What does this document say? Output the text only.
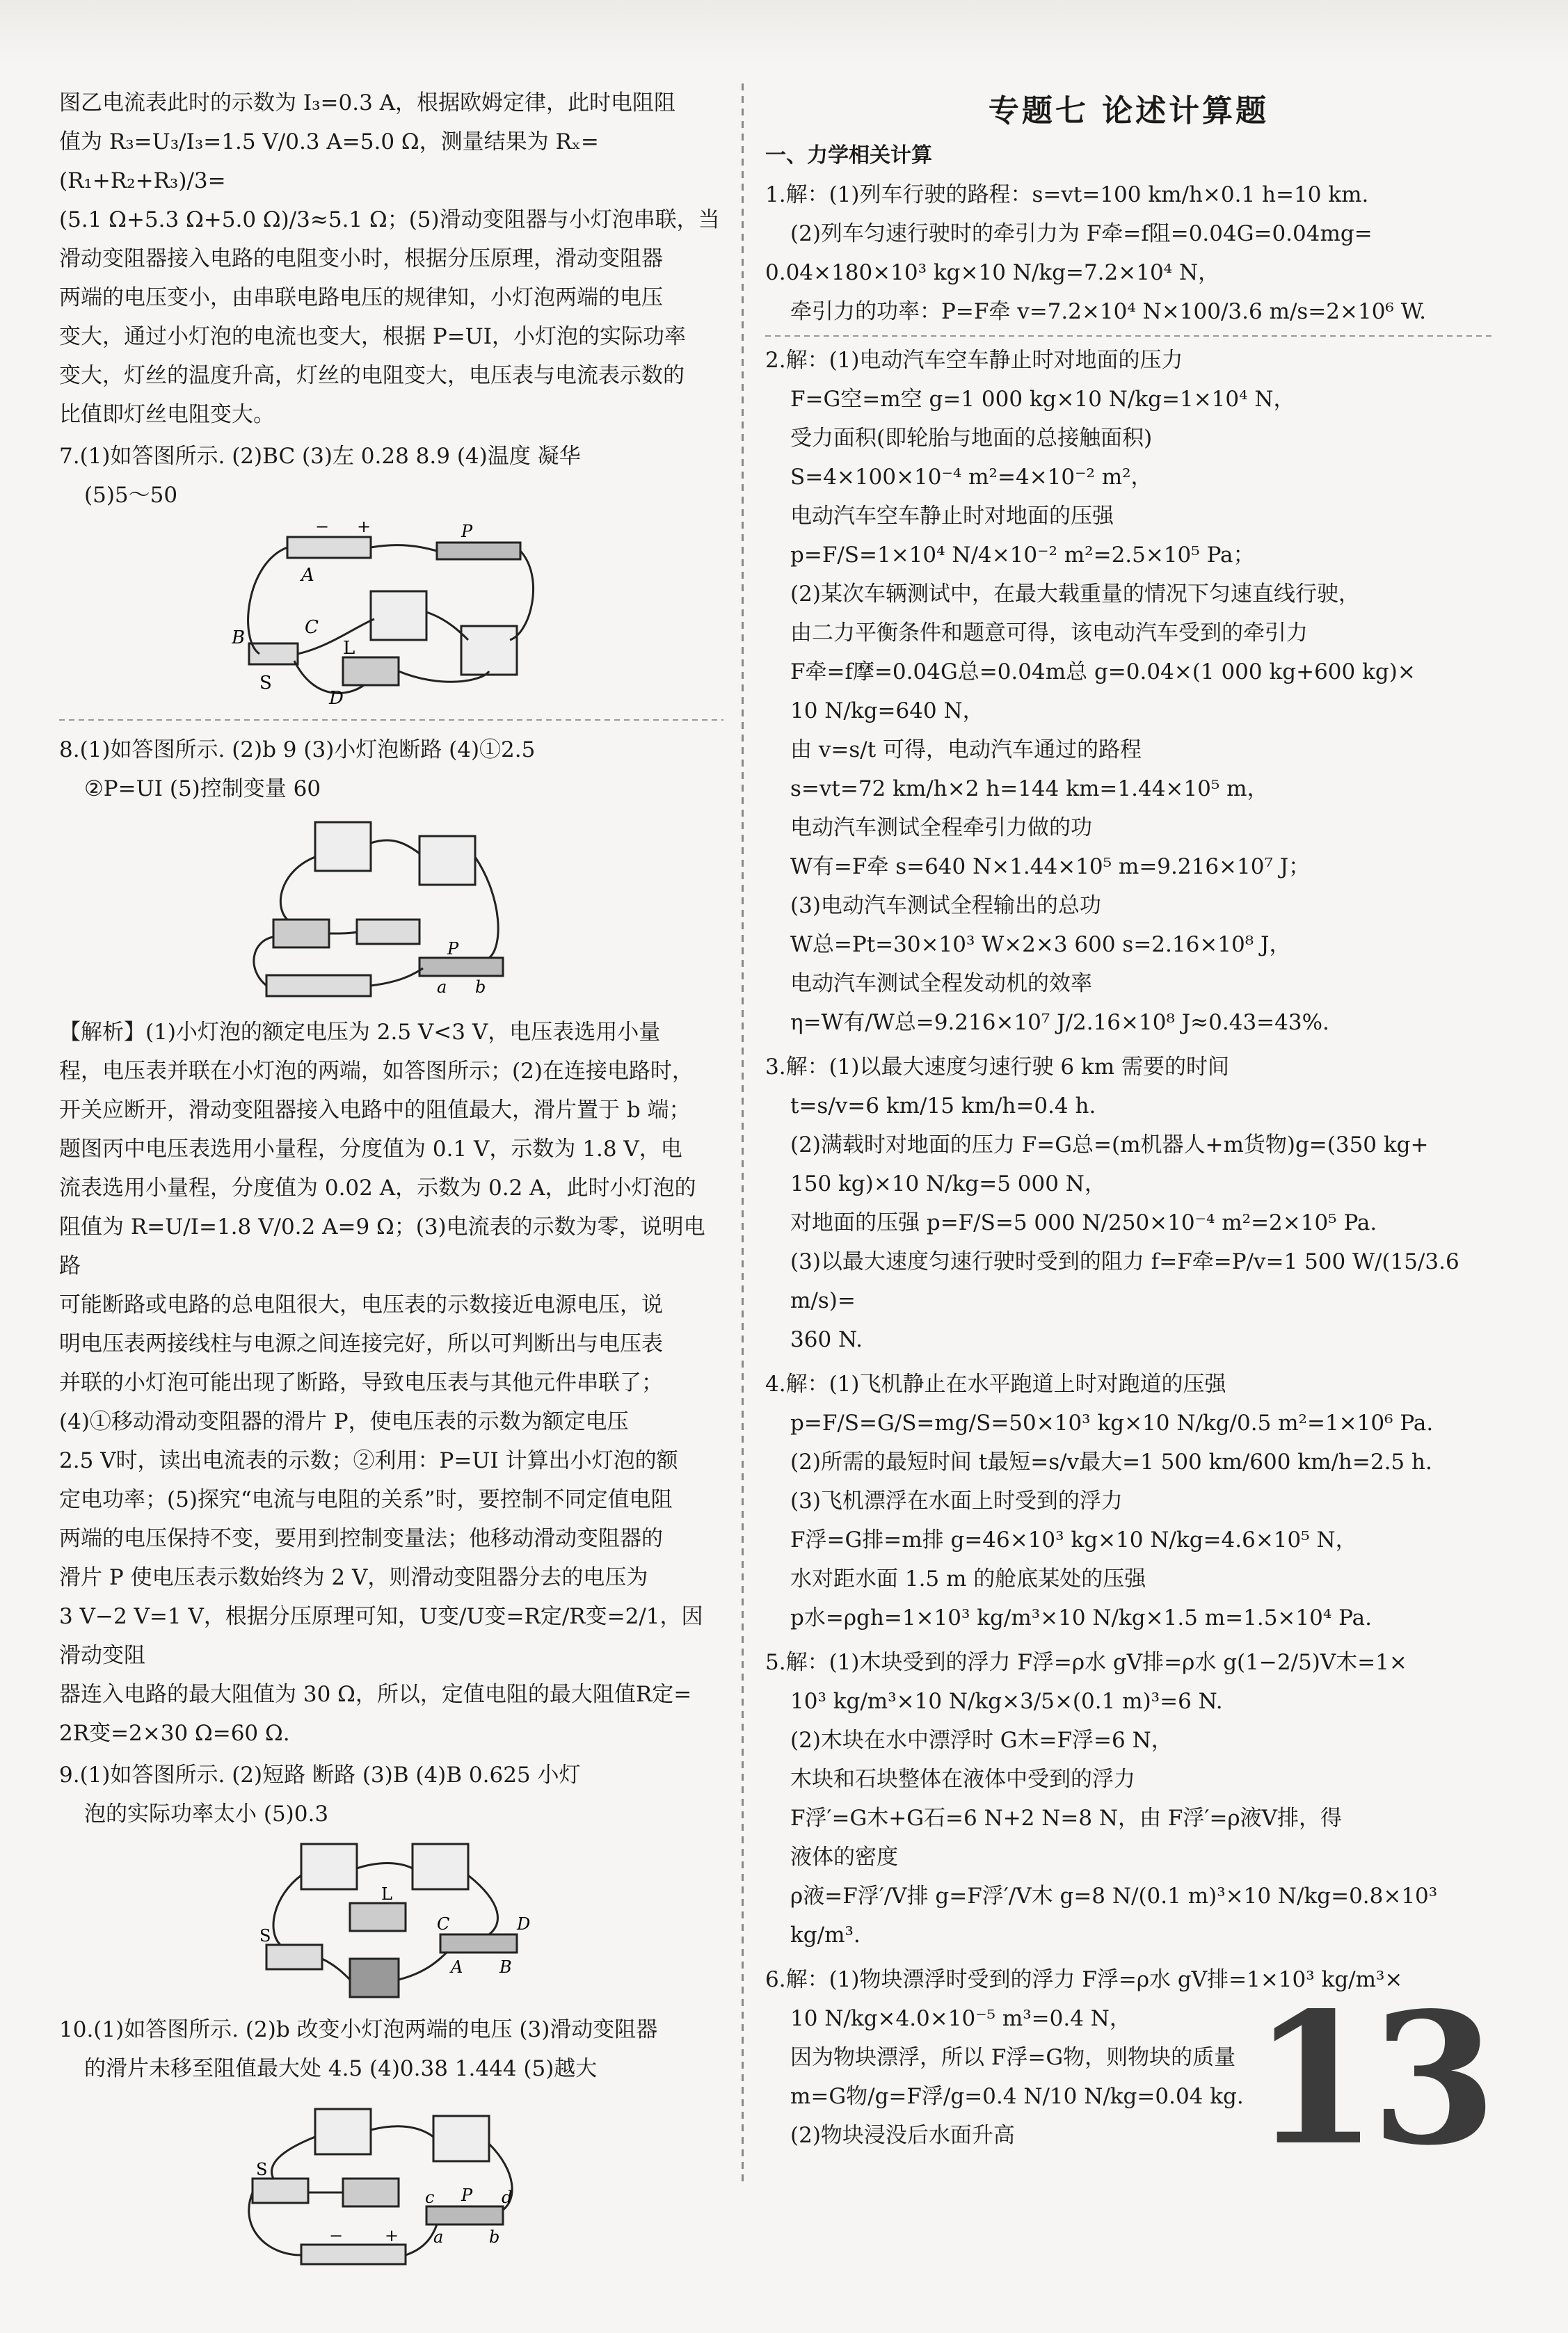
图乙电流表此时的示数为 I₃=0.3 A，根据欧姆定律，此时电阻阻

值为 R₃=U₃/I₃=1.5 V/0.3 A=5.0 Ω，测量结果为 Rₓ=(R₁+R₂+R₃)/3=

(5.1 Ω+5.3 Ω+5.0 Ω)/3≈5.1 Ω；(5)滑动变阻器与小灯泡串联，当

滑动变阻器接入电路的电阻变小时，根据分压原理，滑动变阻器

两端的电压变小，由串联电路电压的规律知，小灯泡两端的电压

变大，通过小灯泡的电流也变大，根据 P=UI，小灯泡的实际功率

变大，灯丝的温度升高，灯丝的电阻变大，电压表与电流表示数的

比值即灯丝电阻变大。

7.(1)如答图所示. (2)BC (3)左 0.28 8.9 (4)温度 凝华

(5)5～50

− +	P
A
B	C
S
L
D

8.(1)如答图所示. (2)b 9 (3)小灯泡断路 (4)①2.5

②P=UI (5)控制变量 60

P
a b

【解析】(1)小灯泡的额定电压为 2.5 V<3 V，电压表选用小量

程，电压表并联在小灯泡的两端，如答图所示；(2)在连接电路时，

开关应断开，滑动变阻器接入电路中的阻值最大，滑片置于 b 端；

题图丙中电压表选用小量程，分度值为 0.1 V，示数为 1.8 V，电

流表选用小量程，分度值为 0.02 A，示数为 0.2 A，此时小灯泡的

阻值为 R=U/I=1.8 V/0.2 A=9 Ω；(3)电流表的示数为零，说明电路

可能断路或电路的总电阻很大，电压表的示数接近电源电压，说

明电压表两接线柱与电源之间连接完好，所以可判断出与电压表

并联的小灯泡可能出现了断路，导致电压表与其他元件串联了；

(4)①移动滑动变阻器的滑片 P，使电压表的示数为额定电压

2.5 V时，读出电流表的示数；②利用：P=UI 计算出小灯泡的额

定电功率；(5)探究“电流与电阻的关系”时，要控制不同定值电阻

两端的电压保持不变，要用到控制变量法；他移动滑动变阻器的

滑片 P 使电压表示数始终为 2 V，则滑动变阻器分去的电压为

3 V−2 V=1 V，根据分压原理可知，U变/U变=R定/R变=2/1，因滑动变阻

器连入电路的最大阻值为 30 Ω，所以，定值电阻的最大阻值R定=

2R变=2×30 Ω=60 Ω.

9.(1)如答图所示. (2)短路 断路 (3)B (4)B 0.625 小灯

泡的实际功率太小 (5)0.3

L
S
C	D
A B

10.(1)如答图所示. (2)b 改变小灯泡两端的电压 (3)滑动变阻器

的滑片未移至阻值最大处 4.5 (4)0.38 1.444 (5)越大

S
c P d
a	b
− +

专题七 论述计算题

一、力学相关计算

1.解：(1)列车行驶的路程：s=vt=100 km/h×0.1 h=10 km.

(2)列车匀速行驶时的牵引力为 F牵=f阻=0.04G=0.04mg=

0.04×180×10³ kg×10 N/kg=7.2×10⁴ N，

牵引力的功率：P=F牵 v=7.2×10⁴ N×100/3.6 m/s=2×10⁶ W.

2.解：(1)电动汽车空车静止时对地面的压力

F=G空=m空 g=1 000 kg×10 N/kg=1×10⁴ N，

受力面积(即轮胎与地面的总接触面积)

S=4×100×10⁻⁴ m²=4×10⁻² m²，

电动汽车空车静止时对地面的压强

p=F/S=1×10⁴ N/4×10⁻² m²=2.5×10⁵ Pa；

(2)某次车辆测试中，在最大载重量的情况下匀速直线行驶，

由二力平衡条件和题意可得，该电动汽车受到的牵引力

F牵=f摩=0.04G总=0.04m总 g=0.04×(1 000 kg+600 kg)×

10 N/kg=640 N，

由 v=s/t 可得，电动汽车通过的路程

s=vt=72 km/h×2 h=144 km=1.44×10⁵ m，

电动汽车测试全程牵引力做的功

W有=F牵 s=640 N×1.44×10⁵ m=9.216×10⁷ J；

(3)电动汽车测试全程输出的总功

W总=Pt=30×10³ W×2×3 600 s=2.16×10⁸ J，

电动汽车测试全程发动机的效率

η=W有/W总=9.216×10⁷ J/2.16×10⁸ J≈0.43=43%.

3.解：(1)以最大速度匀速行驶 6 km 需要的时间

t=s/v=6 km/15 km/h=0.4 h.

(2)满载时对地面的压力 F=G总=(m机器人+m货物)g=(350 kg+

150 kg)×10 N/kg=5 000 N，

对地面的压强 p=F/S=5 000 N/250×10⁻⁴ m²=2×10⁵ Pa.

(3)以最大速度匀速行驶时受到的阻力 f=F牵=P/v=1 500 W/(15/3.6 m/s)=

360 N.

4.解：(1)飞机静止在水平跑道上时对跑道的压强

p=F/S=G/S=mg/S=50×10³ kg×10 N/kg/0.5 m²=1×10⁶ Pa.

(2)所需的最短时间 t最短=s/v最大=1 500 km/600 km/h=2.5 h.

(3)飞机漂浮在水面上时受到的浮力

F浮=G排=m排 g=46×10³ kg×10 N/kg=4.6×10⁵ N，

水对距水面 1.5 m 的舱底某处的压强

p水=ρgh=1×10³ kg/m³×10 N/kg×1.5 m=1.5×10⁴ Pa.

5.解：(1)木块受到的浮力 F浮=ρ水 gV排=ρ水 g(1−2/5)V木=1×

10³ kg/m³×10 N/kg×3/5×(0.1 m)³=6 N.

(2)木块在水中漂浮时 G木=F浮=6 N，

木块和石块整体在液体中受到的浮力

F浮′=G木+G石=6 N+2 N=8 N，由 F浮′=ρ液V排，得

液体的密度

ρ液=F浮′/V排 g=F浮′/V木 g=8 N/(0.1 m)³×10 N/kg=0.8×10³ kg/m³.

6.解：(1)物块漂浮时受到的浮力 F浮=ρ水 gV排=1×10³ kg/m³×

10 N/kg×4.0×10⁻⁵ m³=0.4 N，

因为物块漂浮，所以 F浮=G物，则物块的质量

m=G物/g=F浮/g=0.4 N/10 N/kg=0.04 kg.

(2)物块浸没后水面升高	13
